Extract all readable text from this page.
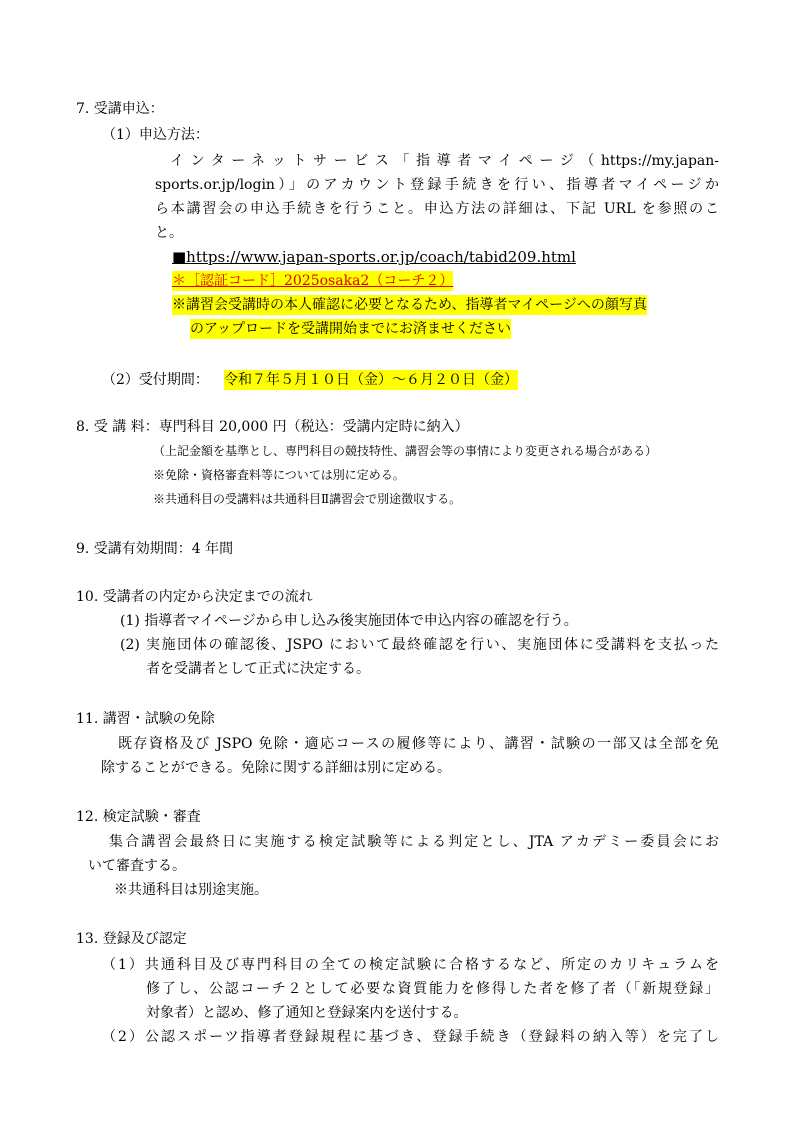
7. 受講申込：
（1）申込方法：
インターネットサービス「指導者マイページ（https://my.japan-
sports.or.jp/login）」のアカウント登録手続きを行い、指導者マイページか
ら本講習会の申込手続きを行うこと。申込方法の詳細は、下記 URL を参照のこ
と。
■https://www.japan-sports.or.jp/coach/tabid209.html
＊［認証コード］2025osaka2（コーチ２）
※講習会受講時の本人確認に必要となるため、指導者マイページへの顔写真
のアップロードを受講開始までにお済ませください
（2）受付期間： 令和７年５月１０日（金）～６月２０日（金）
8. 受 講 料：専門科目 20,000 円（税込：受講内定時に納入）
（上記金額を基準とし、専門科目の競技特性、講習会等の事情により変更される場合がある）
※免除・資格審査料等については別に定める。
※共通科目の受講料は共通科目Ⅱ講習会で別途徴収する。
9. 受講有効期間：4 年間
10. 受講者の内定から決定までの流れ
(1) 指導者マイページから申し込み後実施団体で申込内容の確認を行う。
(2) 実施団体の確認後、JSPO において最終確認を行い、実施団体に受講料を支払った
者を受講者として正式に決定する。
11. 講習・試験の免除
既存資格及び JSPO 免除・適応コースの履修等により、講習・試験の一部又は全部を免
除することができる。免除に関する詳細は別に定める。
12. 検定試験・審査
集合講習会最終日に実施する検定試験等による判定とし、JTA アカデミー委員会にお
いて審査する。
※共通科目は別途実施。
13. 登録及び認定
（1）共通科目及び専門科目の全ての検定試験に合格するなど、所定のカリキュラムを
修了し、公認コーチ２として必要な資質能力を修得した者を修了者（「新規登録」
対象者）と認め、修了通知と登録案内を送付する。
（2）公認スポーツ指導者登録規程に基づき、登録手続き（登録料の納入等）を完了し
